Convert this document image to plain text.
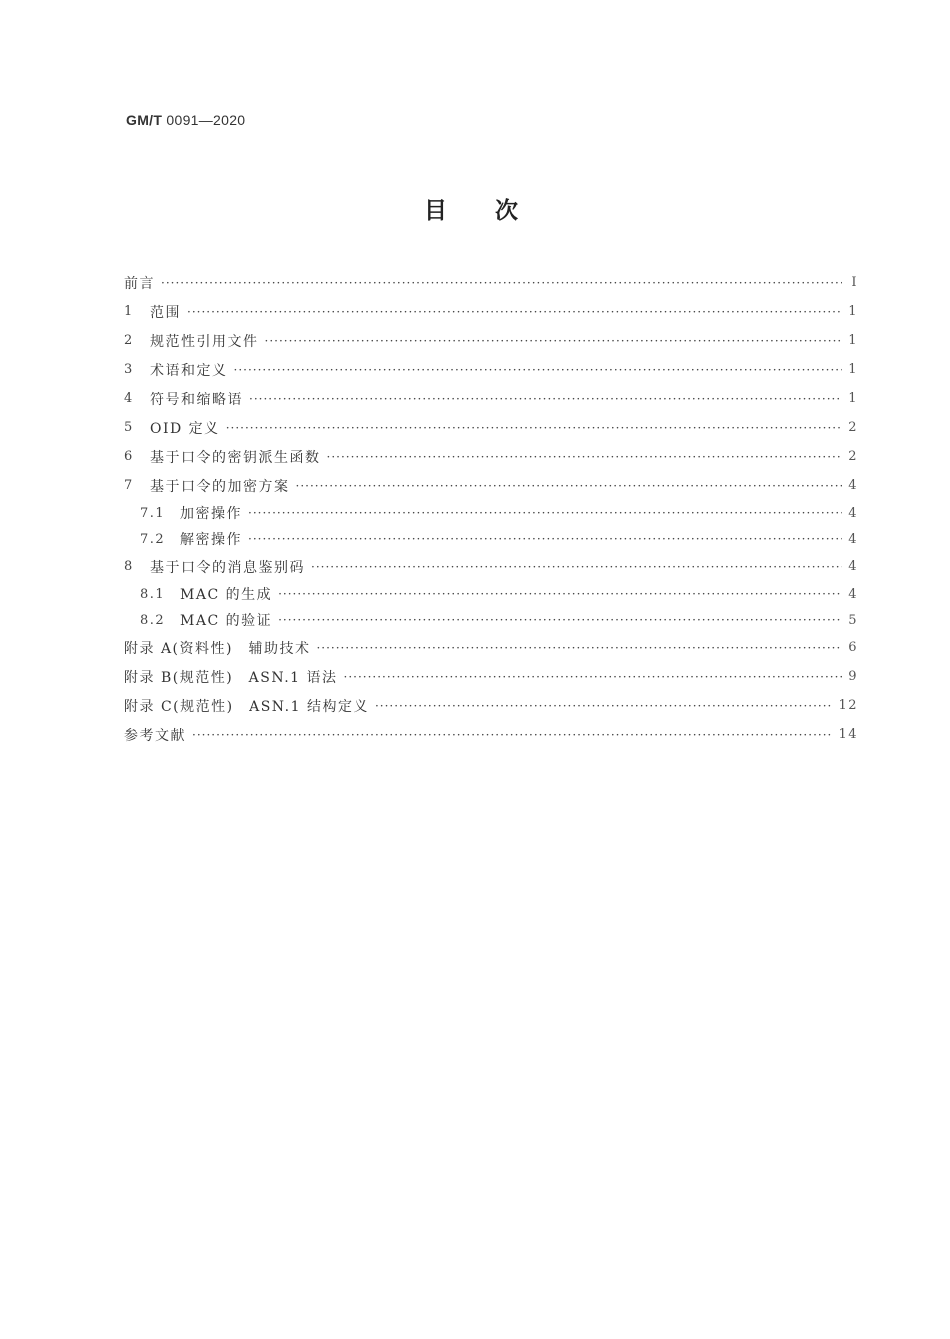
GM/T 0091—2020
目次
前言 ·····	Ⅰ
1	范围 ·····	1
2	规范性引用文件 ·····	1
3	术语和定义 ·····	1
4	符号和缩略语 ·····	1
5	OID 定义 ·····	2
6	基于口令的密钥派生函数 ·····	2
7	基于口令的加密方案 ·····	4
7.1	加密操作 ·····	4
7.2	解密操作 ·····	4
8	基于口令的消息鉴别码 ·····	4
8.1	MAC 的生成 ·····	4
8.2	MAC 的验证 ·····	5
附录 A(资料性)　辅助技术 ·····	6
附录 B(规范性)　ASN.1 语法 ·····	9
附录 C(规范性)　ASN.1 结构定义 ·····	12
参考文献 ·····	14
